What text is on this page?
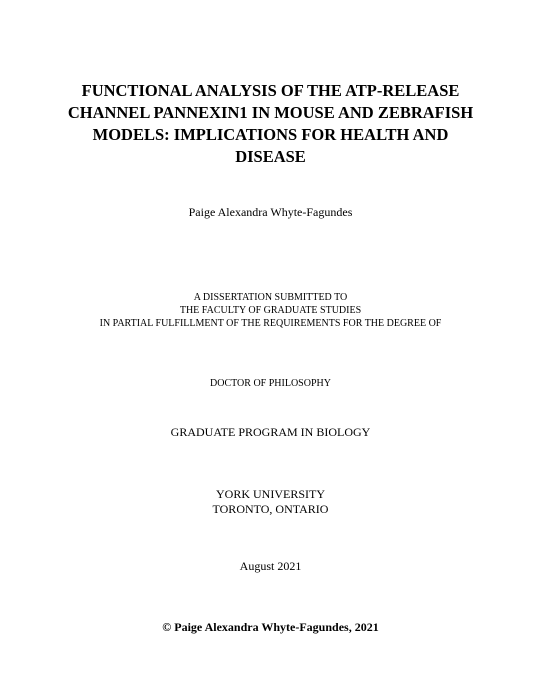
FUNCTIONAL ANALYSIS OF THE ATP-RELEASE
CHANNEL PANNEXIN1 IN MOUSE AND ZEBRAFISH
MODELS: IMPLICATIONS FOR HEALTH AND
DISEASE
Paige Alexandra Whyte-Fagundes
A DISSERTATION SUBMITTED TO
THE FACULTY OF GRADUATE STUDIES
IN PARTIAL FULFILLMENT OF THE REQUIREMENTS FOR THE DEGREE OF
DOCTOR OF PHILOSOPHY
GRADUATE PROGRAM IN BIOLOGY
YORK UNIVERSITY
TORONTO, ONTARIO
August 2021
© Paige Alexandra Whyte-Fagundes, 2021
